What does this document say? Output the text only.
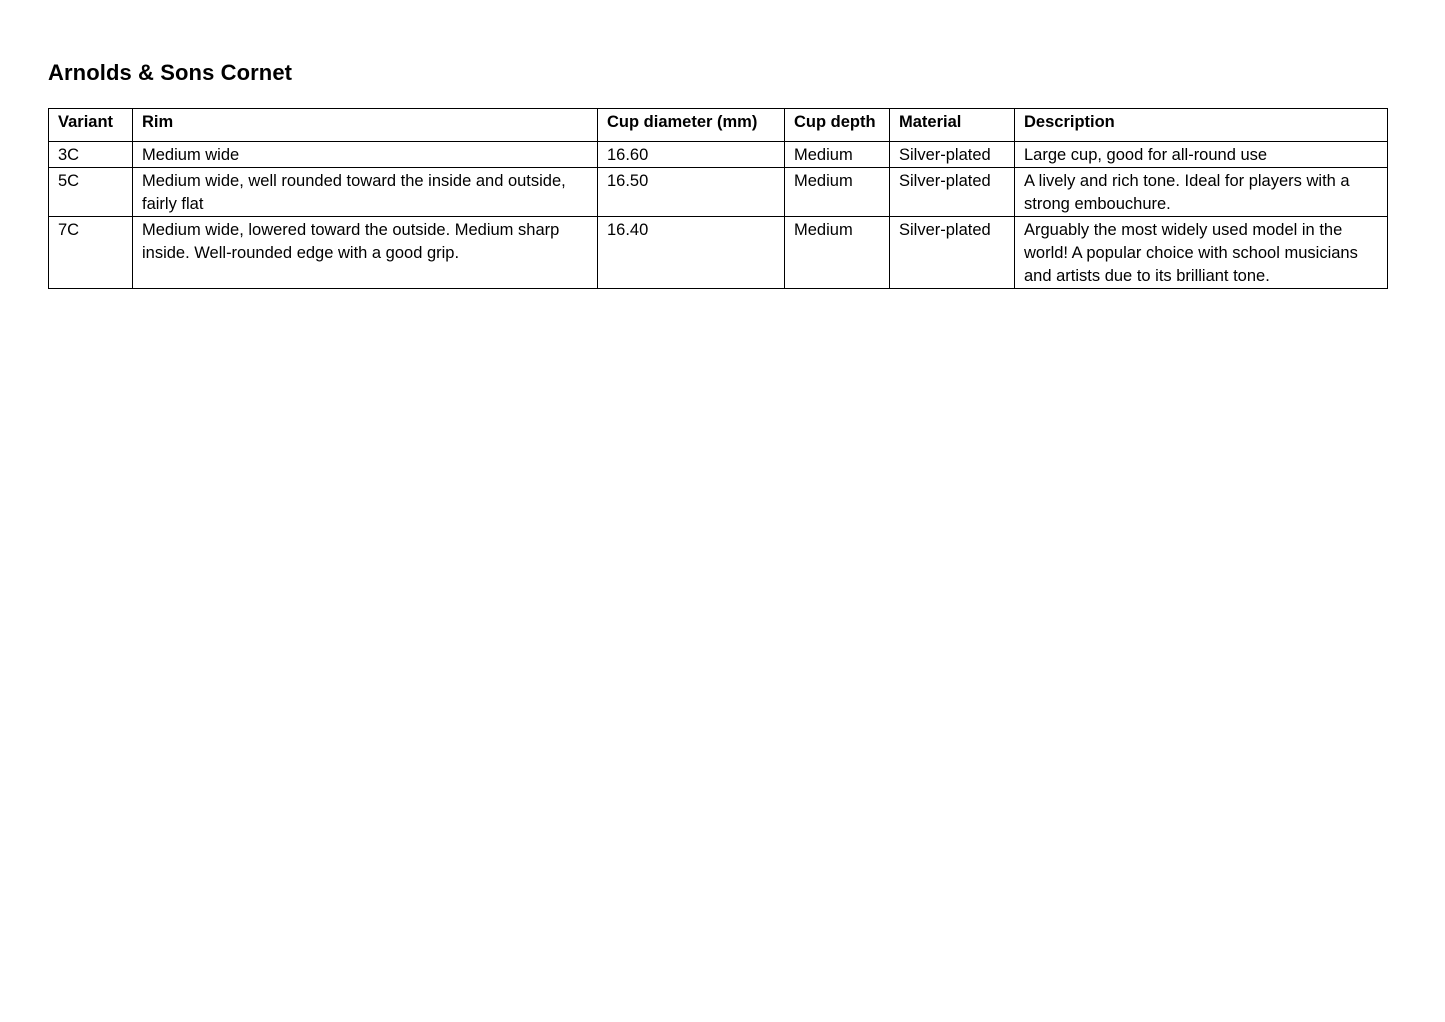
Arnolds & Sons Cornet
Variant	Rim	Cup diameter (mm)	Cup depth	Material	Description
3C	Medium wide	16.60	Medium	Silver-plated	Large cup, good for all-round use
5C	Medium wide, well rounded toward the inside and outside, fairly flat	16.50	Medium	Silver-plated	A lively and rich tone. Ideal for players with a strong embouchure.
7C	Medium wide, lowered toward the outside. Medium sharp inside. Well-rounded edge with a good grip.	16.40	Medium	Silver-plated	Arguably the most widely used model in the world! A popular choice with school musicians and artists due to its brilliant tone.
